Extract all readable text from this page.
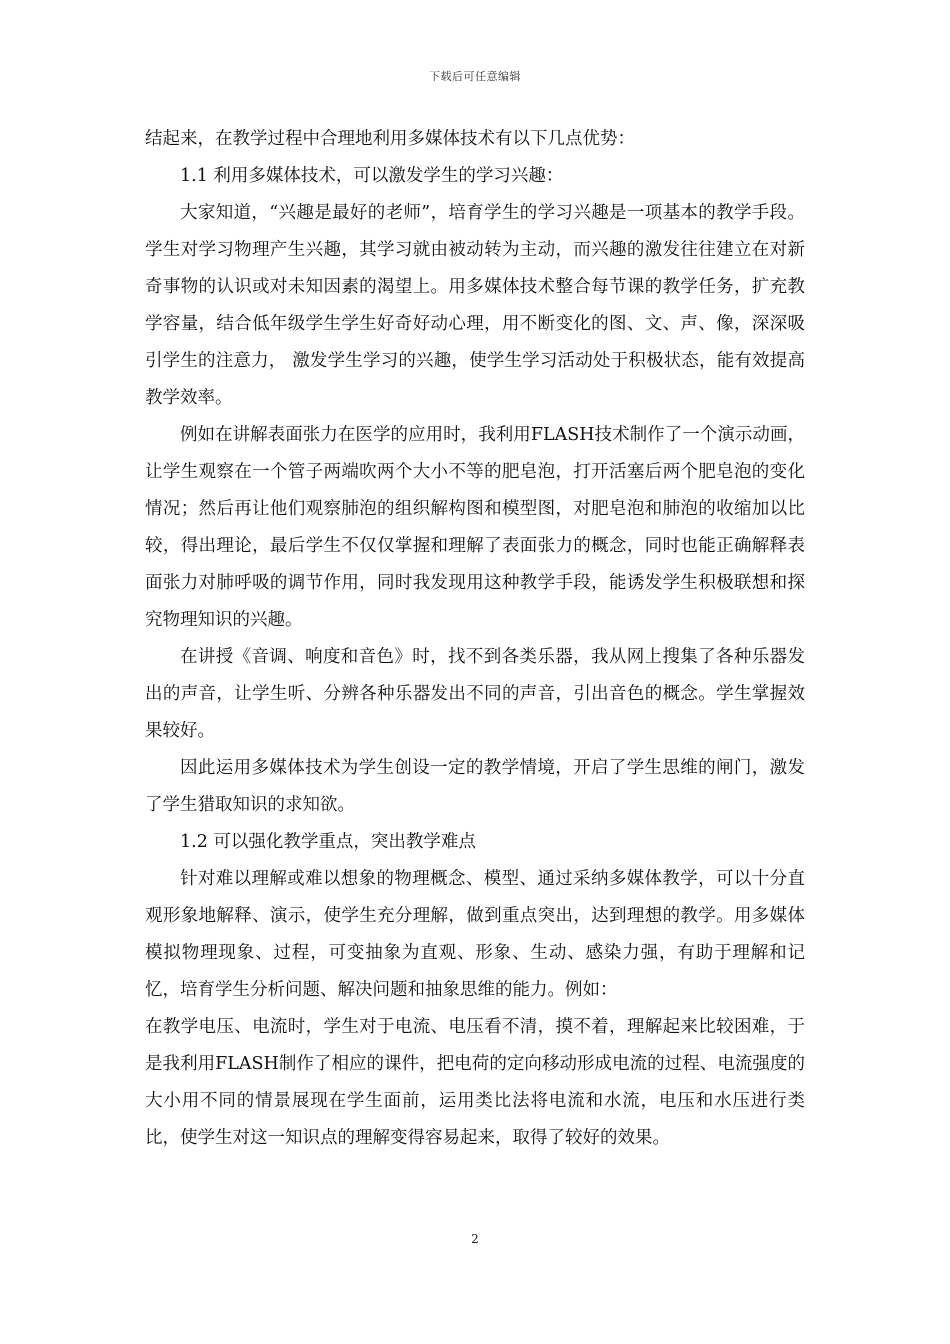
下载后可任意编辑

结起来，在教学过程中合理地利用多媒体技术有以下几点优势：

1.1 利用多媒体技术，可以激发学生的学习兴趣：

大家知道，“兴趣是最好的老师”，培育学生的学习兴趣是一项基本的教学手段。学生对学习物理产生兴趣，其学习就由被动转为主动，而兴趣的激发往往建立在对新奇事物的认识或对未知因素的渴望上。用多媒体技术整合每节课的教学任务，扩充教学容量，结合低年级学生学生好奇好动心理，用不断变化的图、文、声、像，深深吸引学生的注意力， 激发学生学习的兴趣，使学生学习活动处于积极状态，能有效提高教学效率。

例如在讲解表面张力在医学的应用时，我利用FLASH技术制作了一个演示动画，让学生观察在一个管子两端吹两个大小不等的肥皂泡，打开活塞后两个肥皂泡的变化情况；然后再让他们观察肺泡的组织解构图和模型图，对肥皂泡和肺泡的收缩加以比较，得出理论，最后学生不仅仅掌握和理解了表面张力的概念，同时也能正确解释表面张力对肺呼吸的调节作用，同时我发现用这种教学手段，能诱发学生积极联想和探究物理知识的兴趣。

在讲授《音调、响度和音色》时，找不到各类乐器，我从网上搜集了各种乐器发出的声音，让学生听、分辨各种乐器发出不同的声音，引出音色的概念。学生掌握效果较好。

因此运用多媒体技术为学生创设一定的教学情境，开启了学生思维的闸门，激发了学生猎取知识的求知欲。

1.2 可以强化教学重点，突出教学难点

针对难以理解或难以想象的物理概念、模型、通过采纳多媒体教学，可以十分直观形象地解释、演示，使学生充分理解，做到重点突出，达到理想的教学。用多媒体模拟物理现象、过程，可变抽象为直观、形象、生动、感染力强，有助于理解和记忆，培育学生分析问题、解决问题和抽象思维的能力。例如：

在教学电压、电流时，学生对于电流、电压看不清，摸不着，理解起来比较困难，于是我利用FLASH制作了相应的课件，把电荷的定向移动形成电流的过程、电流强度的大小用不同的情景展现在学生面前，运用类比法将电流和水流，电压和水压进行类比，使学生对这一知识点的理解变得容易起来，取得了较好的效果。

2
